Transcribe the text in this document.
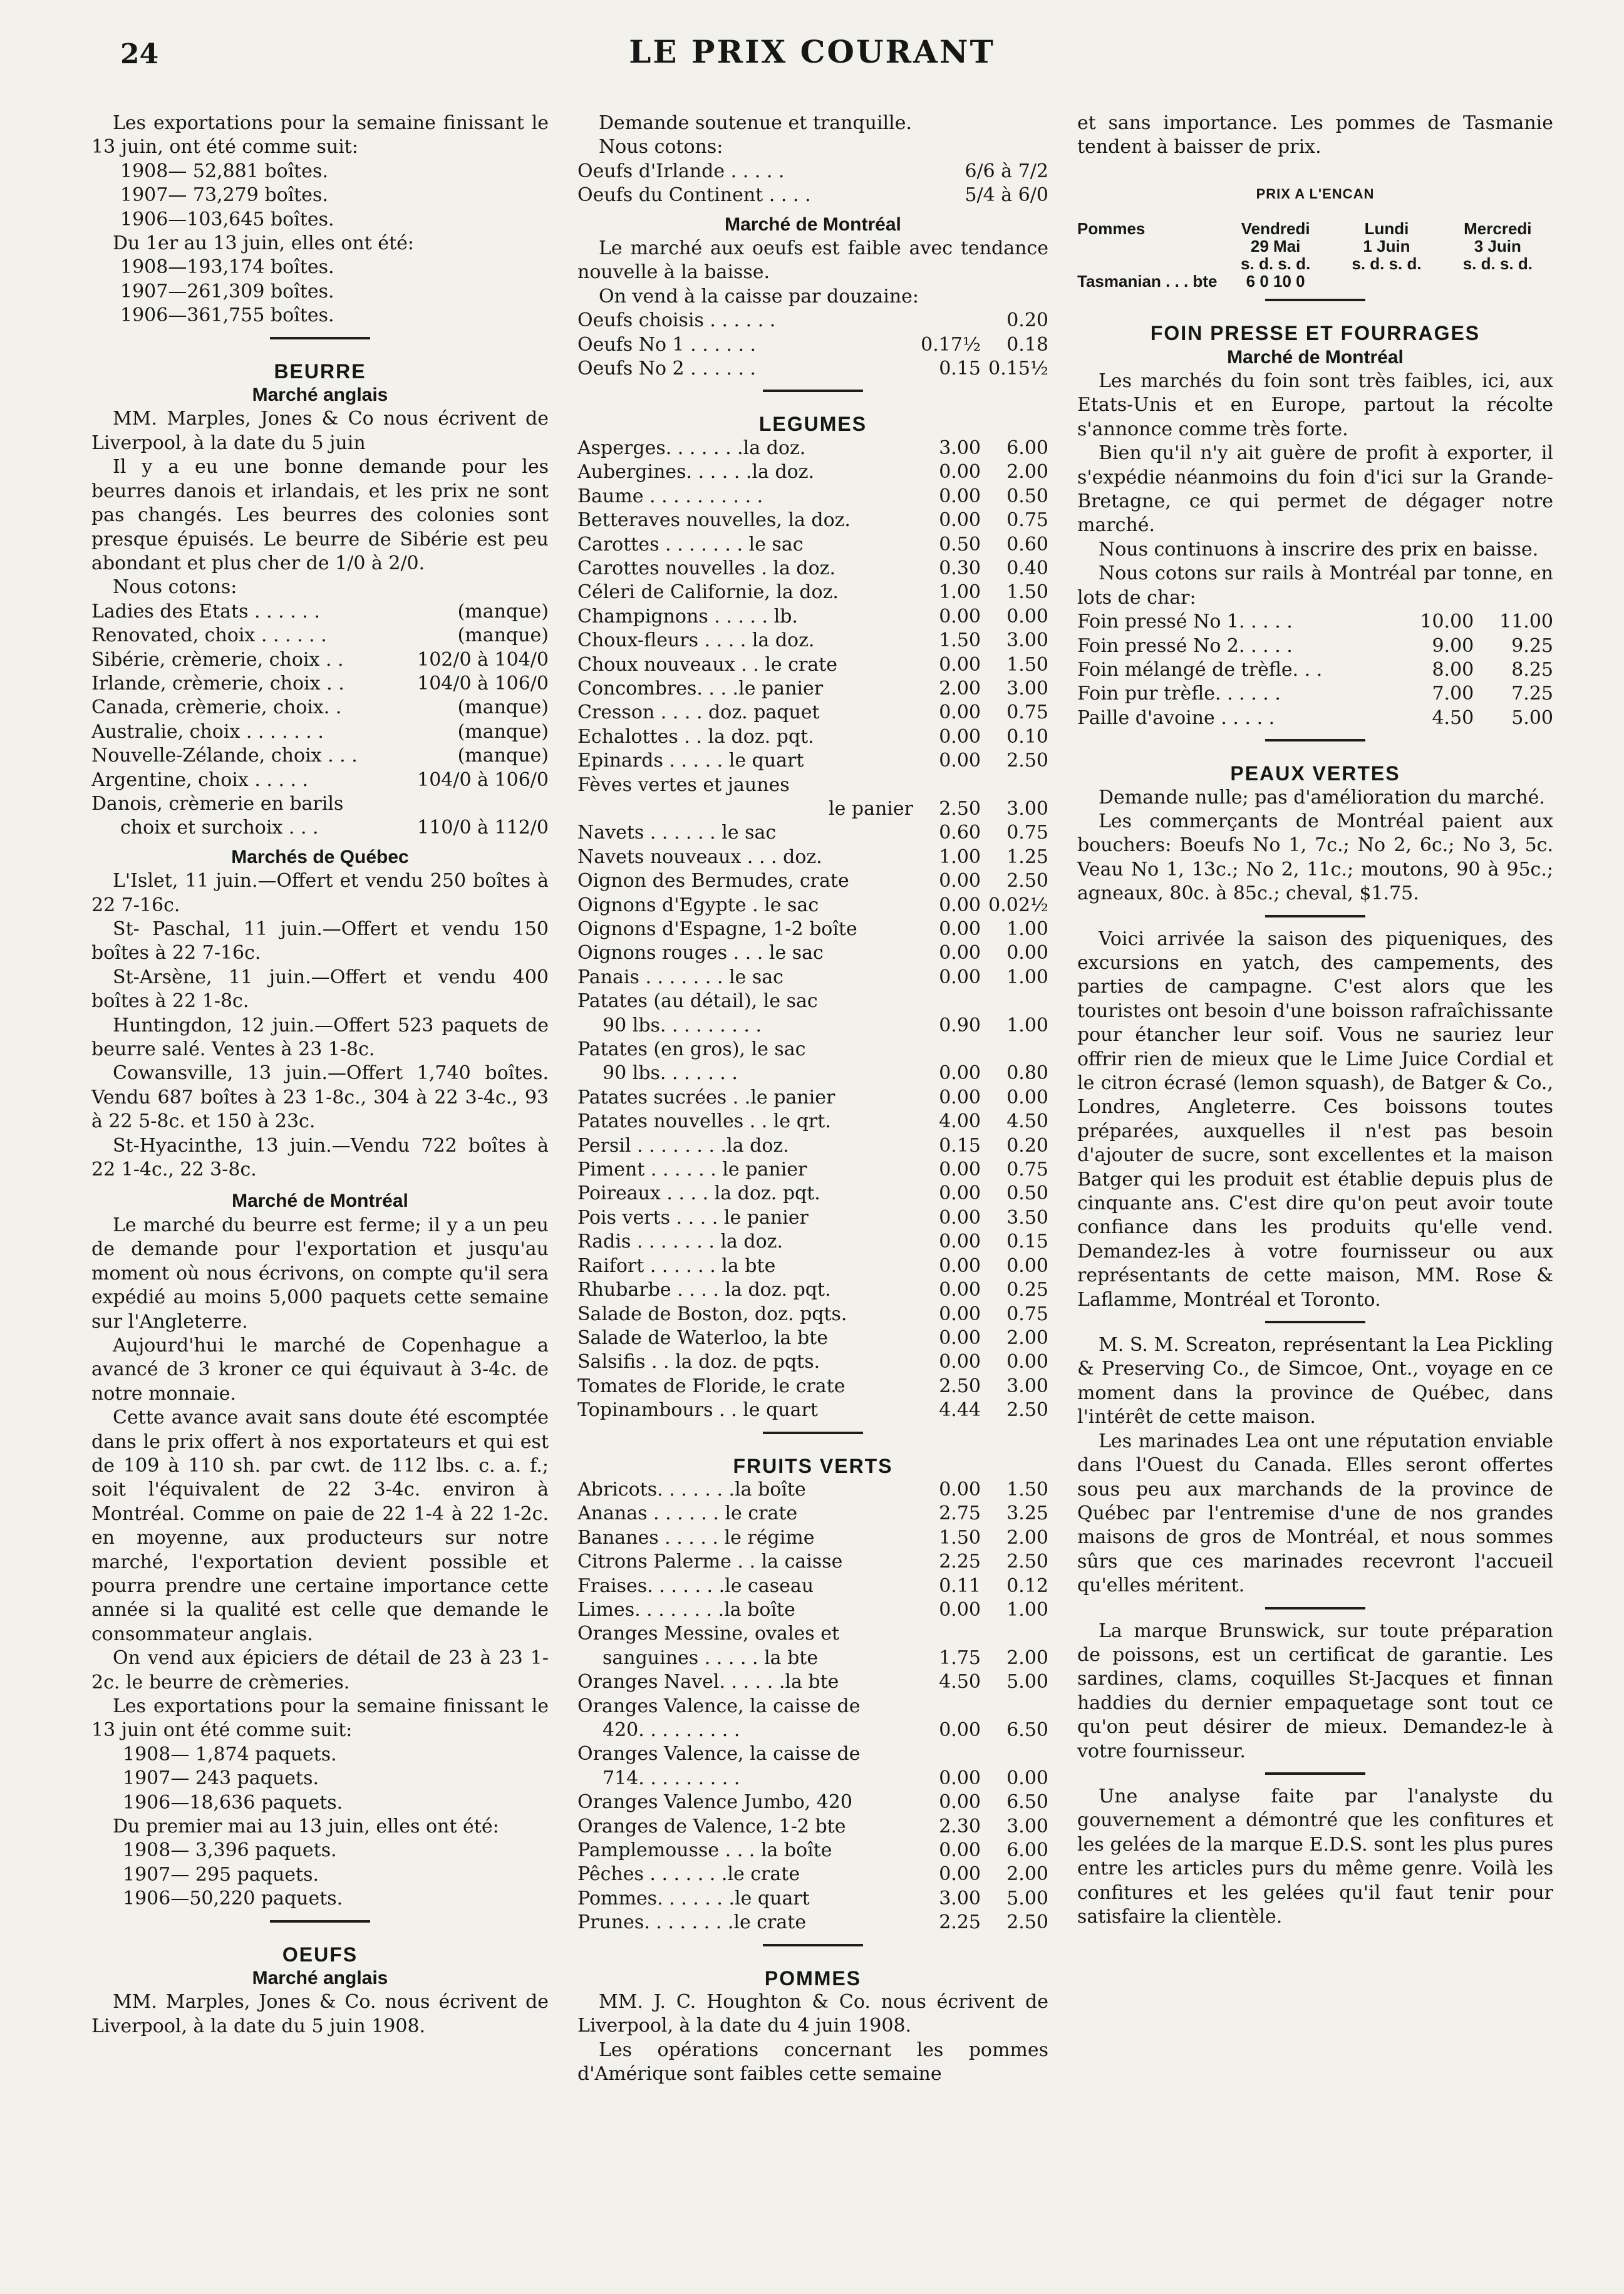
24	LE PRIX COURANT

Les exportations pour la semaine finissant le 13 juin, ont été comme suit:

1908— 52,881 boîtes.

1907— 73,279 boîtes.

1906—103,645 boîtes.

Du 1er au 13 juin, elles ont été:

1908—193,174 boîtes.

1907—261,309 boîtes.

1906—361,755 boîtes.

BEURRE

Marché anglais

MM. Marples, Jones & Co nous écrivent de Liverpool, à la date du 5 juin

Il y a eu une bonne demande pour les beurres danois et irlandais, et les prix ne sont pas changés. Les beurres des colonies sont presque épuisés. Le beurre de Sibérie est peu abondant et plus cher de 1/0 à 2/0.

Nous cotons:

Ladies des Etats . . . . . .	(manque)
Renovated, choix . . . . . .	(manque)
Sibérie, crèmerie, choix . .	102/0 à 104/0
Irlande, crèmerie, choix . .	104/0 à 106/0
Canada, crèmerie, choix. .	(manque)
Australie, choix . . . . . . .	(manque)
Nouvelle-Zélande, choix . . .	(manque)
Argentine, choix . . . . .	104/0 à 106/0

Danois, crèmerie en barils

choix et surchoix . . .	110/0 à 112/0

Marchés de Québec

L'Islet, 11 juin.—Offert et vendu 250 boîtes à 22 7-16c.

St- Paschal, 11 juin.—Offert et vendu 150 boîtes à 22 7-16c.

St-Arsène, 11 juin.—Offert et vendu 400 boîtes à 22 1-8c.

Huntingdon, 12 juin.—Offert 523 paquets de beurre salé. Ventes à 23 1-8c.

Cowansville, 13 juin.—Offert 1,740 boîtes. Vendu 687 boîtes à 23 1-8c., 304 à 22 3-4c., 93 à 22 5-8c. et 150 à 23c.

St-Hyacinthe, 13 juin.—Vendu 722 boîtes à 22 1-4c., 22 3-8c.

Marché de Montréal

Le marché du beurre est ferme; il y a un peu de demande pour l'exportation et jusqu'au moment où nous écrivons, on compte qu'il sera expédié au moins 5,000 paquets cette semaine sur l'Angleterre.

Aujourd'hui le marché de Copenhague a avancé de 3 kroner ce qui équivaut à 3-4c. de notre monnaie.

Cette avance avait sans doute été escomptée dans le prix offert à nos exportateurs et qui est de 109 à 110 sh. par cwt. de 112 lbs. c. a. f.; soit l'équivalent de 22 3-4c. environ à Montréal. Comme on paie de 22 1-4 à 22 1-2c. en moyenne, aux producteurs sur notre marché, l'exportation devient possible et pourra prendre une certaine importance cette année si la qualité est celle que demande le consommateur anglais.

On vend aux épiciers de détail de 23 à 23 1-2c. le beurre de crèmeries.

Les exportations pour la semaine finissant le 13 juin ont été comme suit:

1908— 1,874 paquets.

1907— 243 paquets.

1906—18,636 paquets.

Du premier mai au 13 juin, elles ont été:

1908— 3,396 paquets.

1907— 295 paquets.

1906—50,220 paquets.

OEUFS

Marché anglais

MM. Marples, Jones & Co. nous écrivent de Liverpool, à la date du 5 juin 1908.

Demande soutenue et tranquille.

Nous cotons:

Oeufs d'Irlande . . . . .	6/6 à 7/2
Oeufs du Continent . . . .	5/4 à 6/0

Marché de Montréal

Le marché aux oeufs est faible avec tendance nouvelle à la baisse.

On vend à la caisse par douzaine:

Oeufs choisis . . . . . .		0.20
Oeufs No 1 . . . . . .	0.17½	0.18
Oeufs No 2 . . . . . .	0.15	0.15½

LEGUMES

Asperges. . . . . . .la doz.	3.00	6.00
Aubergines. . . . . .la doz.	0.00	2.00
Baume . . . . . . . . . .	0.00	0.50
Betteraves nouvelles, la doz.	0.00	0.75
Carottes . . . . . . . le sac	0.50	0.60
Carottes nouvelles . la doz.	0.30	0.40
Céleri de Californie, la doz.	1.00	1.50
Champignons . . . . . lb.	0.00	0.00
Choux-fleurs . . . . la doz.	1.50	3.00
Choux nouveaux . . le crate	0.00	1.50
Concombres. . . .le panier	2.00	3.00
Cresson . . . . doz. paquet	0.00	0.75
Echalottes . . la doz. pqt.	0.00	0.10
Epinards . . . . . le quart	0.00	2.50
Fèves vertes et jaunes		
le panier	2.50	3.00
Navets . . . . . . le sac	0.60	0.75
Navets nouveaux . . . doz.	1.00	1.25
Oignon des Bermudes, crate	0.00	2.50
Oignons d'Egypte . le sac	0.00	0.02½
Oignons d'Espagne, 1-2 boîte	0.00	1.00
Oignons rouges . . . le sac	0.00	0.00
Panais . . . . . . . le sac	0.00	1.00
Patates (au détail), le sac		
90 lbs. . . . . . . . .	0.90	1.00
Patates (en gros), le sac		
90 lbs. . . . . . .	0.00	0.80
Patates sucrées . .le panier	0.00	0.00
Patates nouvelles . . le qrt.	4.00	4.50
Persil . . . . . . . .la doz.	0.15	0.20
Piment . . . . . . le panier	0.00	0.75
Poireaux . . . . la doz. pqt.	0.00	0.50
Pois verts . . . . le panier	0.00	3.50
Radis . . . . . . . la doz.	0.00	0.15
Raifort . . . . . . la bte	0.00	0.00
Rhubarbe . . . . la doz. pqt.	0.00	0.25
Salade de Boston, doz. pqts.	0.00	0.75
Salade de Waterloo, la bte	0.00	2.00
Salsifis . . la doz. de pqts.	0.00	0.00
Tomates de Floride, le crate	2.50	3.00
Topinambours . . le quart	4.44	2.50

FRUITS VERTS

Abricots. . . . . . .la boîte	0.00	1.50
Ananas . . . . . . le crate	2.75	3.25
Bananes . . . . . le régime	1.50	2.00
Citrons Palerme . . la caisse	2.25	2.50
Fraises. . . . . . .le caseau	0.11	0.12
Limes. . . . . . . .la boîte	0.00	1.00
Oranges Messine, ovales et		
sanguines . . . . . la bte	1.75	2.00
Oranges Navel. . . . . .la bte	4.50	5.00
Oranges Valence, la caisse de		
420. . . . . . . . .	0.00	6.50
Oranges Valence, la caisse de		
714. . . . . . . . .	0.00	0.00
Oranges Valence Jumbo, 420	0.00	6.50
Oranges de Valence, 1-2 bte	2.30	3.00
Pamplemousse . . . la boîte	0.00	6.00
Pêches . . . . . . .le crate	0.00	2.00
Pommes. . . . . . .le quart	3.00	5.00
Prunes. . . . . . . .le crate	2.25	2.50

POMMES

MM. J. C. Houghton & Co. nous écrivent de Liverpool, à la date du 4 juin 1908.

Les opérations concernant les pommes d'Amérique sont faibles cette semaine

et sans importance. Les pommes de Tasmanie tendent à baisser de prix.

PRIX A L'ENCAN

Pommes	Vendredi	Lundi	Mercredi
	29 Mai	1 Juin	3 Juin
	s. d. s. d.	s. d. s. d.	s. d. s. d.
Tasmanian . . . bte	6 0 10 0		

FOIN PRESSE ET FOURRAGES

Marché de Montréal

Les marchés du foin sont très faibles, ici, aux Etats-Unis et en Europe, partout la récolte s'annonce comme très forte.

Bien qu'il n'y ait guère de profit à exporter, il s'expédie néanmoins du foin d'ici sur la Grande-Bretagne, ce qui permet de dégager notre marché.

Nous continuons à inscrire des prix en baisse.

Nous cotons sur rails à Montréal par tonne, en lots de char:

Foin pressé No 1. . . . .	10.00	11.00
Foin pressé No 2. . . . .	9.00	9.25
Foin mélangé de trèfle. . .	8.00	8.25
Foin pur trèfle. . . . . .	7.00	7.25
Paille d'avoine . . . . .	4.50	5.00

PEAUX VERTES

Demande nulle; pas d'amélioration du marché.

Les commerçants de Montréal paient aux bouchers: Boeufs No 1, 7c.; No 2, 6c.; No 3, 5c. Veau No 1, 13c.; No 2, 11c.; moutons, 90 à 95c.; agneaux, 80c. à 85c.; cheval, $1.75.

Voici arrivée la saison des piqueniques, des excursions en yatch, des campements, des parties de campagne. C'est alors que les touristes ont besoin d'une boisson rafraîchissante pour étancher leur soif. Vous ne sauriez leur offrir rien de mieux que le Lime Juice Cordial et le citron écrasé (lemon squash), de Batger & Co., Londres, Angleterre. Ces boissons toutes préparées, auxquelles il n'est pas besoin d'ajouter de sucre, sont excellentes et la maison Batger qui les produit est établie depuis plus de cinquante ans. C'est dire qu'on peut avoir toute confiance dans les produits qu'elle vend. Demandez-les à votre fournisseur ou aux représentants de cette maison, MM. Rose & Laflamme, Montréal et Toronto.

M. S. M. Screaton, représentant la Lea Pickling & Preserving Co., de Simcoe, Ont., voyage en ce moment dans la province de Québec, dans l'intérêt de cette maison.

Les marinades Lea ont une réputation enviable dans l'Ouest du Canada. Elles seront offertes sous peu aux marchands de la province de Québec par l'entremise d'une de nos grandes maisons de gros de Montréal, et nous sommes sûrs que ces marinades recevront l'accueil qu'elles méritent.

La marque Brunswick, sur toute préparation de poissons, est un certificat de garantie. Les sardines, clams, coquilles St-Jacques et finnan haddies du dernier empaquetage sont tout ce qu'on peut désirer de mieux. Demandez-le à votre fournisseur.

Une analyse faite par l'analyste du gouvernement a démontré que les confitures et les gelées de la marque E.D.S. sont les plus pures entre les articles purs du même genre. Voilà les confitures et les gelées qu'il faut tenir pour satisfaire la clientèle.
